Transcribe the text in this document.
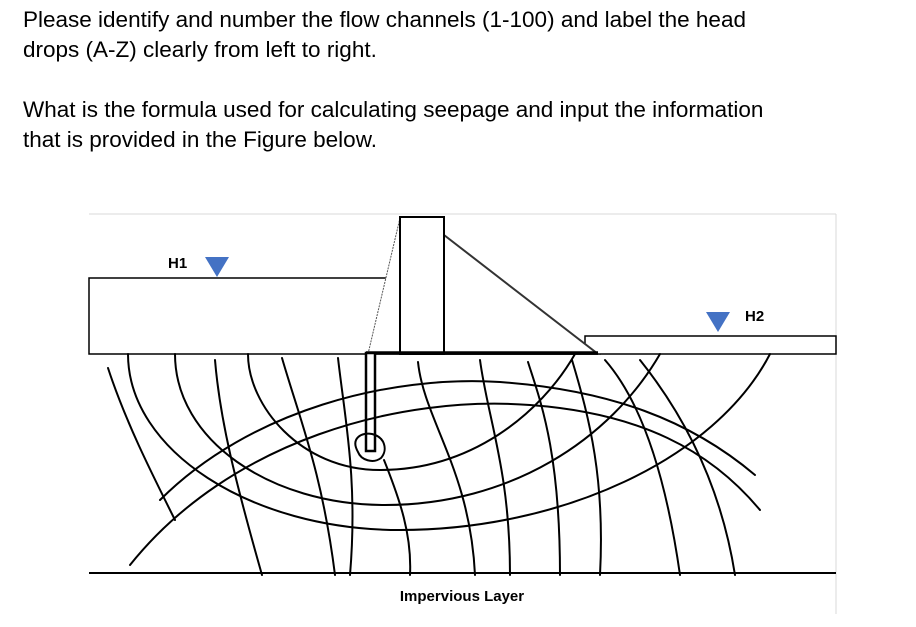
Please identify and number the flow channels (1-100) and label the head
drops (A-Z) clearly from left to right.

What is the formula used for calculating seepage and input the information
that is provided in the Figure below.

Impervious Layer
H1
H2
